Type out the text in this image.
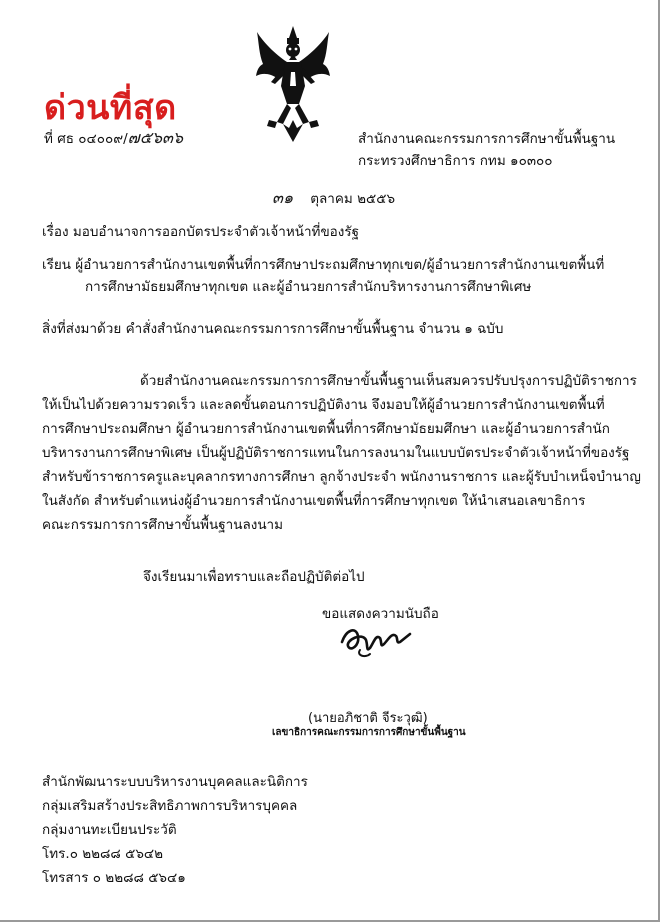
ด่วนที่สุด
ที่ ศธ ๐๔๐๐๙/๗๕๖๓๖	สำนักงานคณะกรรมการการศึกษาขั้นพื้นฐาน
กระทรวงศึกษาธิการ กทม ๑๐๓๐๐
๓๑ ตุลาคม ๒๕๕๖
เรื่อง มอบอำนาจการออกบัตรประจำตัวเจ้าหน้าที่ของรัฐ
เรียน ผู้อำนวยการสำนักงานเขตพื้นที่การศึกษาประถมศึกษาทุกเขต/ผู้อำนวยการสำนักงานเขตพื้นที่
การศึกษามัธยมศึกษาทุกเขต และผู้อำนวยการสำนักบริหารงานการศึกษาพิเศษ
สิ่งที่ส่งมาด้วย คำสั่งสำนักงานคณะกรรมการการศึกษาขั้นพื้นฐาน จำนวน ๑ ฉบับ
ด้วยสำนักงานคณะกรรมการการศึกษาขั้นพื้นฐานเห็นสมควรปรับปรุงการปฏิบัติราชการ
ให้เป็นไปด้วยความรวดเร็ว และลดขั้นตอนการปฏิบัติงาน จึงมอบให้ผู้อำนวยการสำนักงานเขตพื้นที่
การศึกษาประถมศึกษา ผู้อำนวยการสำนักงานเขตพื้นที่การศึกษามัธยมศึกษา และผู้อำนวยการสำนัก
บริหารงานการศึกษาพิเศษ เป็นผู้ปฏิบัติราชการแทนในการลงนามในแบบบัตรประจำตัวเจ้าหน้าที่ของรัฐ
สำหรับข้าราชการครูและบุคลากรทางการศึกษา ลูกจ้างประจำ พนักงานราชการ และผู้รับบำเหน็จบำนาญ
ในสังกัด สำหรับตำแหน่งผู้อำนวยการสำนักงานเขตพื้นที่การศึกษาทุกเขต ให้นำเสนอเลขาธิการ
คณะกรรมการการศึกษาขั้นพื้นฐานลงนาม
จึงเรียนมาเพื่อทราบและถือปฏิบัติต่อไป
ขอแสดงความนับถือ
(นายอภิชาติ จีระวุฒิ)
เลขาธิการคณะกรรมการการศึกษาขั้นพื้นฐาน
สำนักพัฒนาระบบบริหารงานบุคคลและนิติการ
กลุ่มเสริมสร้างประสิทธิภาพการบริหารบุคคล
กลุ่มงานทะเบียนประวัติ
โทร.๐ ๒๒๘๘ ๕๖๔๒
โทรสาร ๐ ๒๒๘๘ ๕๖๔๑
